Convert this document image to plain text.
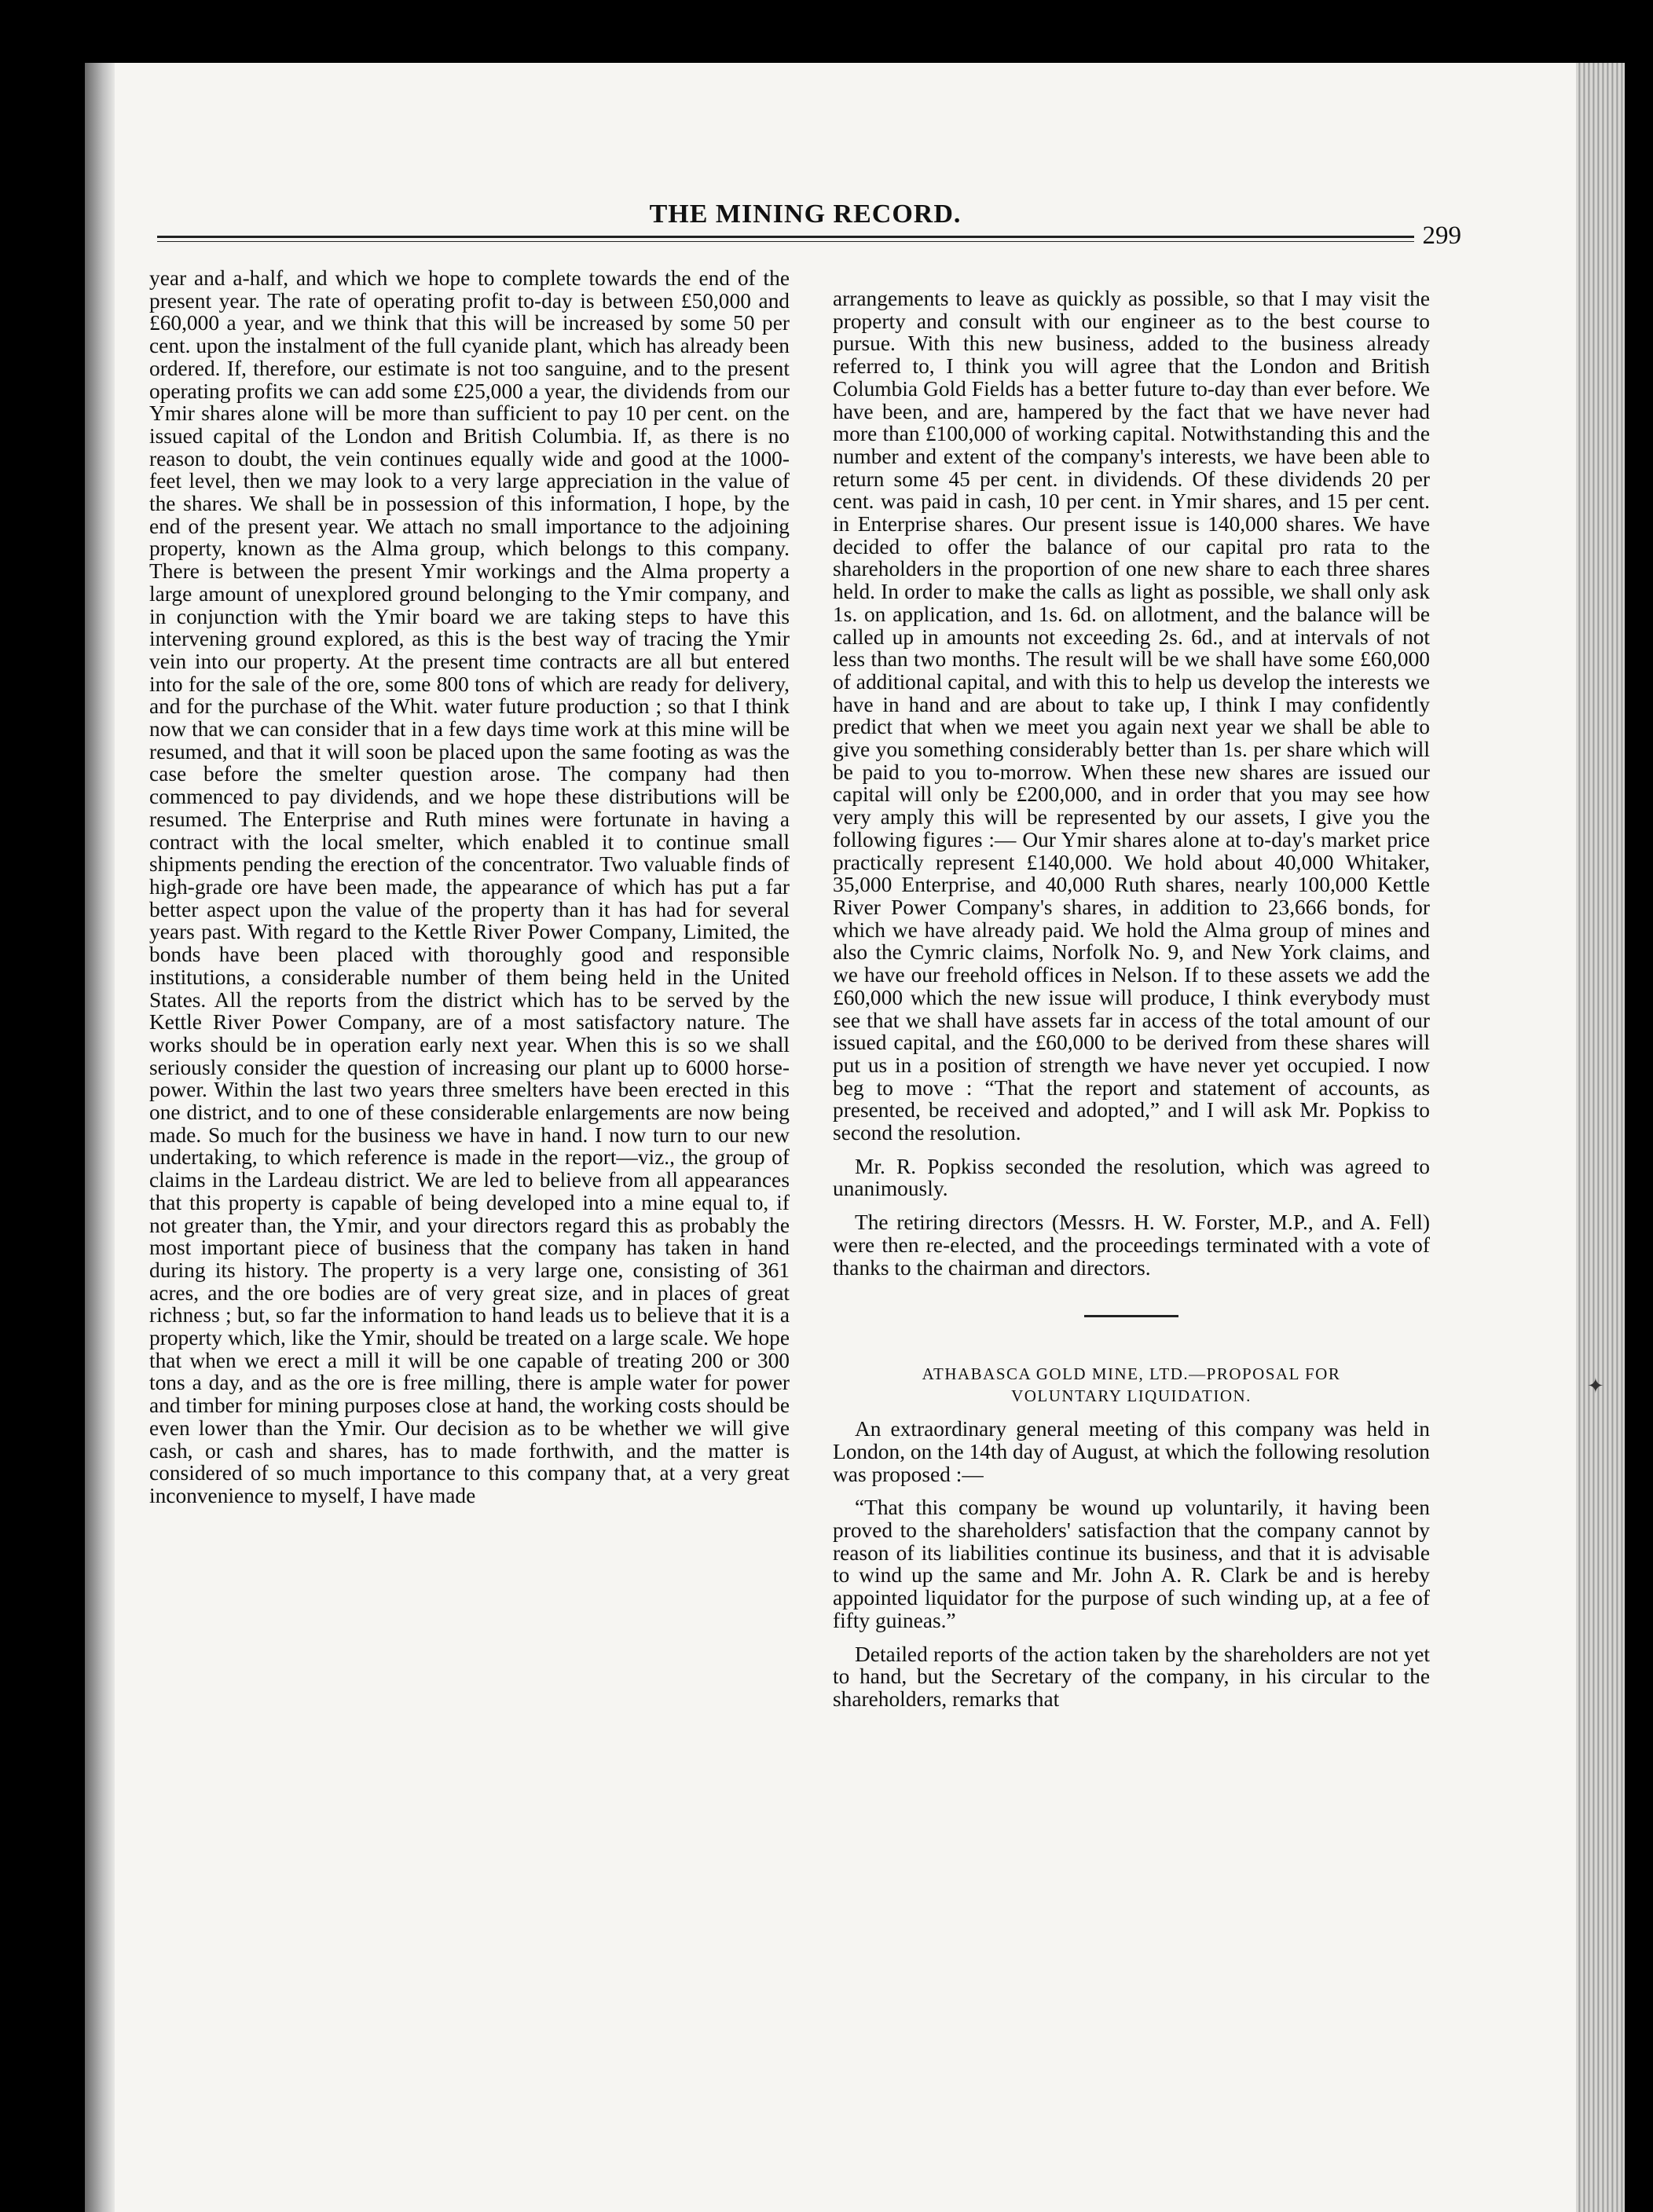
THE MINING RECORD.
299

year and a-half, and which we hope to complete towards the end of the present year. The rate of operating profit to-day is between £50,000 and £60,000 a year, and we think that this will be increased by some 50 per cent. upon the instalment of the full cyanide plant, which has already been ordered. If, therefore, our estimate is not too sanguine, and to the present operating profits we can add some £25,000 a year, the dividends from our Ymir shares alone will be more than sufficient to pay 10 per cent. on the issued capital of the London and British Columbia. If, as there is no reason to doubt, the vein continues equally wide and good at the 1000-feet level, then we may look to a very large appreciation in the value of the shares. We shall be in possession of this information, I hope, by the end of the present year. We attach no small importance to the adjoining property, known as the Alma group, which belongs to this company. There is between the present Ymir workings and the Alma property a large amount of unexplored ground belonging to the Ymir company, and in conjunction with the Ymir board we are taking steps to have this intervening ground explored, as this is the best way of tracing the Ymir vein into our property. At the present time contracts are all but entered into for the sale of the ore, some 800 tons of which are ready for delivery, and for the purchase of the Whit. water future production ; so that I think now that we can consider that in a few days time work at this mine will be resumed, and that it will soon be placed upon the same footing as was the case before the smelter question arose. The company had then commenced to pay dividends, and we hope these distributions will be resumed. The Enterprise and Ruth mines were fortunate in having a contract with the local smelter, which enabled it to continue small shipments pending the erection of the concentrator. Two valuable finds of high-grade ore have been made, the appearance of which has put a far better aspect upon the value of the property than it has had for several years past. With regard to the Kettle River Power Company, Limited, the bonds have been placed with thoroughly good and responsible institutions, a considerable number of them being held in the United States. All the reports from the district which has to be served by the Kettle River Power Company, are of a most satisfactory nature. The works should be in operation early next year. When this is so we shall seriously consider the question of increasing our plant up to 6000 horse-power. Within the last two years three smelters have been erected in this one district, and to one of these considerable enlargements are now being made. So much for the business we have in hand. I now turn to our new undertaking, to which reference is made in the report—viz., the group of claims in the Lardeau district. We are led to believe from all appearances that this property is capable of being developed into a mine equal to, if not greater than, the Ymir, and your directors regard this as probably the most important piece of business that the company has taken in hand during its history. The property is a very large one, consisting of 361 acres, and the ore bodies are of very great size, and in places of great richness ; but, so far the information to hand leads us to believe that it is a property which, like the Ymir, should be treated on a large scale. We hope that when we erect a mill it will be one capable of treating 200 or 300 tons a day, and as the ore is free milling, there is ample water for power and timber for mining purposes close at hand, the working costs should be even lower than the Ymir. Our decision as to be whether we will give cash, or cash and shares, has to made forthwith, and the matter is considered of so much importance to this company that, at a very great inconvenience to myself, I have made

arrangements to leave as quickly as possible, so that I may visit the property and consult with our engineer as to the best course to pursue. With this new business, added to the business already referred to, I think you will agree that the London and British Columbia Gold Fields has a better future to-day than ever before. We have been, and are, hampered by the fact that we have never had more than £100,000 of working capital. Notwithstanding this and the number and extent of the company's interests, we have been able to return some 45 per cent. in dividends. Of these dividends 20 per cent. was paid in cash, 10 per cent. in Ymir shares, and 15 per cent. in Enterprise shares. Our present issue is 140,000 shares. We have decided to offer the balance of our capital pro rata to the shareholders in the proportion of one new share to each three shares held. In order to make the calls as light as possible, we shall only ask 1s. on application, and 1s. 6d. on allotment, and the balance will be called up in amounts not exceeding 2s. 6d., and at intervals of not less than two months. The result will be we shall have some £60,000 of additional capital, and with this to help us develop the interests we have in hand and are about to take up, I think I may confidently predict that when we meet you again next year we shall be able to give you something considerably better than 1s. per share which will be paid to you to-morrow. When these new shares are issued our capital will only be £200,000, and in order that you may see how very amply this will be represented by our assets, I give you the following figures :— Our Ymir shares alone at to-day's market price practically represent £140,000. We hold about 40,000 Whitaker, 35,000 Enterprise, and 40,000 Ruth shares, nearly 100,000 Kettle River Power Company's shares, in addition to 23,666 bonds, for which we have already paid. We hold the Alma group of mines and also the Cymric claims, Norfolk No. 9, and New York claims, and we have our freehold offices in Nelson. If to these assets we add the £60,000 which the new issue will produce, I think everybody must see that we shall have assets far in access of the total amount of our issued capital, and the £60,000 to be derived from these shares will put us in a position of strength we have never yet occupied. I now beg to move : “That the report and statement of accounts, as presented, be received and adopted,” and I will ask Mr. Popkiss to second the resolution.

Mr. R. Popkiss seconded the resolution, which was agreed to unanimously.

The retiring directors (Messrs. H. W. Forster, M.P., and A. Fell) were then re-elected, and the proceedings terminated with a vote of thanks to the chairman and directors.

ATHABASCA GOLD MINE, LTD.—PROPOSAL FOR
VOLUNTARY LIQUIDATION.

An extraordinary general meeting of this company was held in London, on the 14th day of August, at which the following resolution was proposed :—

“That this company be wound up voluntarily, it having been proved to the shareholders' satisfaction that the company cannot by reason of its liabilities continue its business, and that it is advisable to wind up the same and Mr. John A. R. Clark be and is hereby appointed liquidator for the purpose of such winding up, at a fee of fifty guineas.”

Detailed reports of the action taken by the shareholders are not yet to hand, but the Secretary of the company, in his circular to the shareholders, remarks that

✦
